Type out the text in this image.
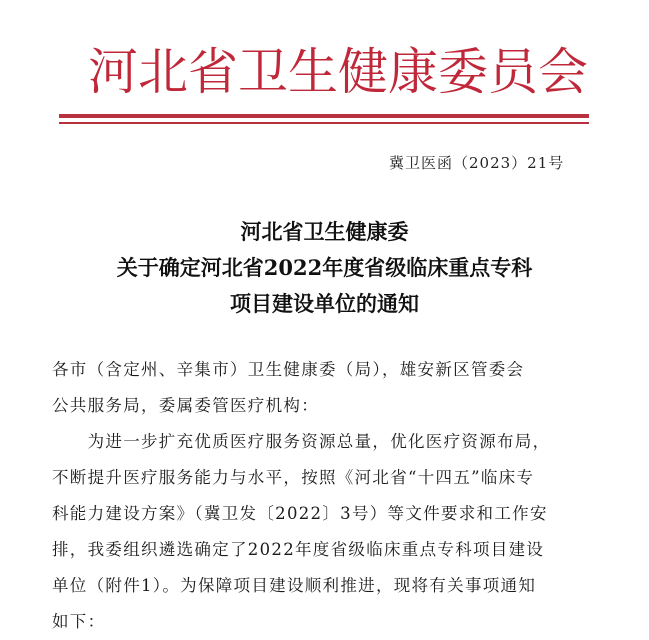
河北省卫生健康委员会
冀卫医函（2023）21号
河北省卫生健康委
关于确定河北省2022年度省级临床重点专科
项目建设单位的通知
各市（含定州、辛集市）卫生健康委（局），雄安新区管委会
公共服务局，委属委管医疗机构：
　　为进一步扩充优质医疗服务资源总量，优化医疗资源布局，
不断提升医疗服务能力与水平，按照《河北省“十四五”临床专
科能力建设方案》（冀卫发〔2022〕3号）等文件要求和工作安
排，我委组织遴选确定了2022年度省级临床重点专科项目建设
单位（附件1）。为保障项目建设顺利推进，现将有关事项通知
如下：
